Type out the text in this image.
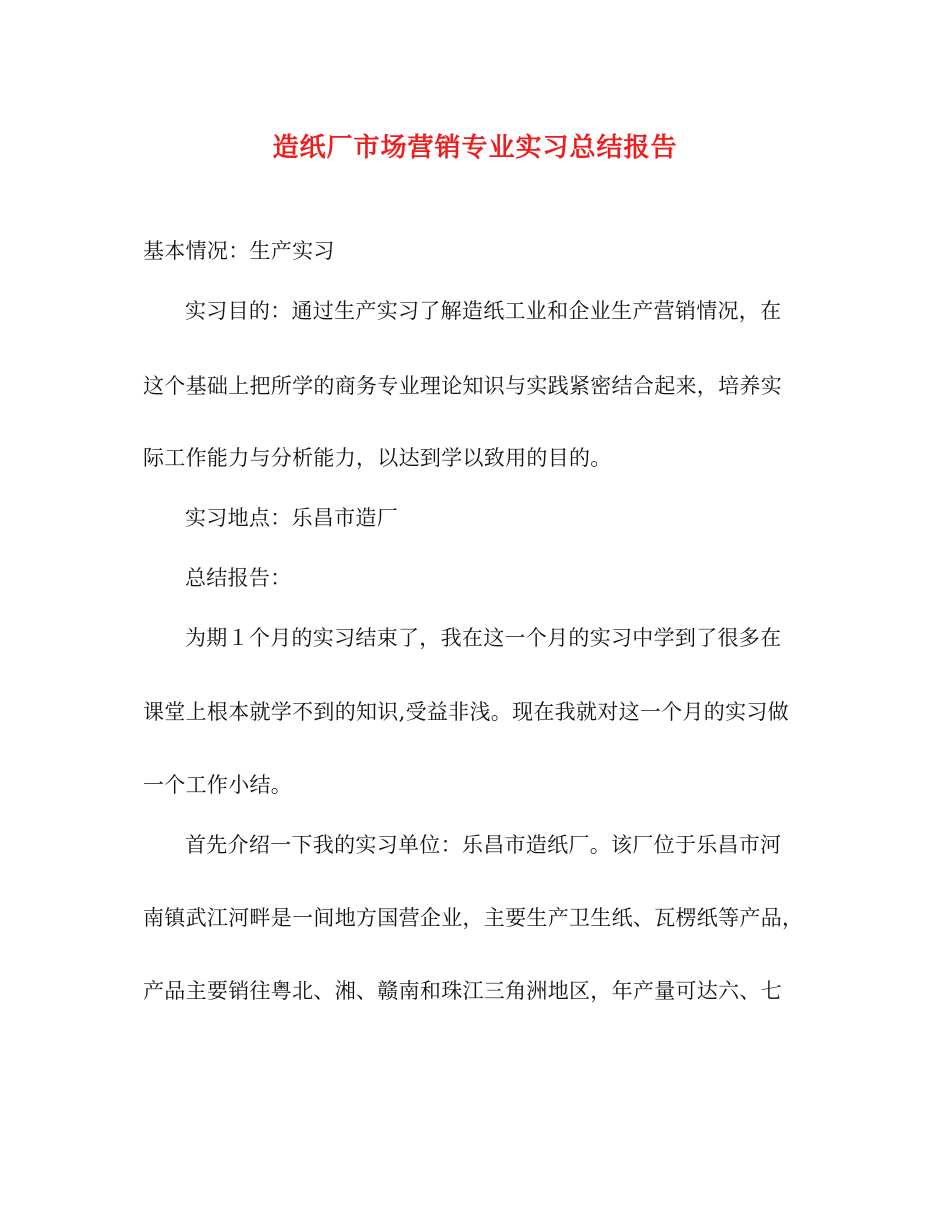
造纸厂市场营销专业实习总结报告
基本情况：生产实习
实习目的：通过生产实习了解造纸工业和企业生产营销情况，在
这个基础上把所学的商务专业理论知识与实践紧密结合起来，培养实
际工作能力与分析能力，以达到学以致用的目的。
实习地点：乐昌市造厂
总结报告：
为期１个月的实习结束了，我在这一个月的实习中学到了很多在
课堂上根本就学不到的知识,受益非浅。现在我就对这一个月的实习做
一个工作小结。
首先介绍一下我的实习单位：乐昌市造纸厂。该厂位于乐昌市河
南镇武江河畔是一间地方国营企业，主要生产卫生纸、瓦楞纸等产品，
产品主要销往粤北、湘、赣南和珠江三角洲地区，年产量可达六、七
